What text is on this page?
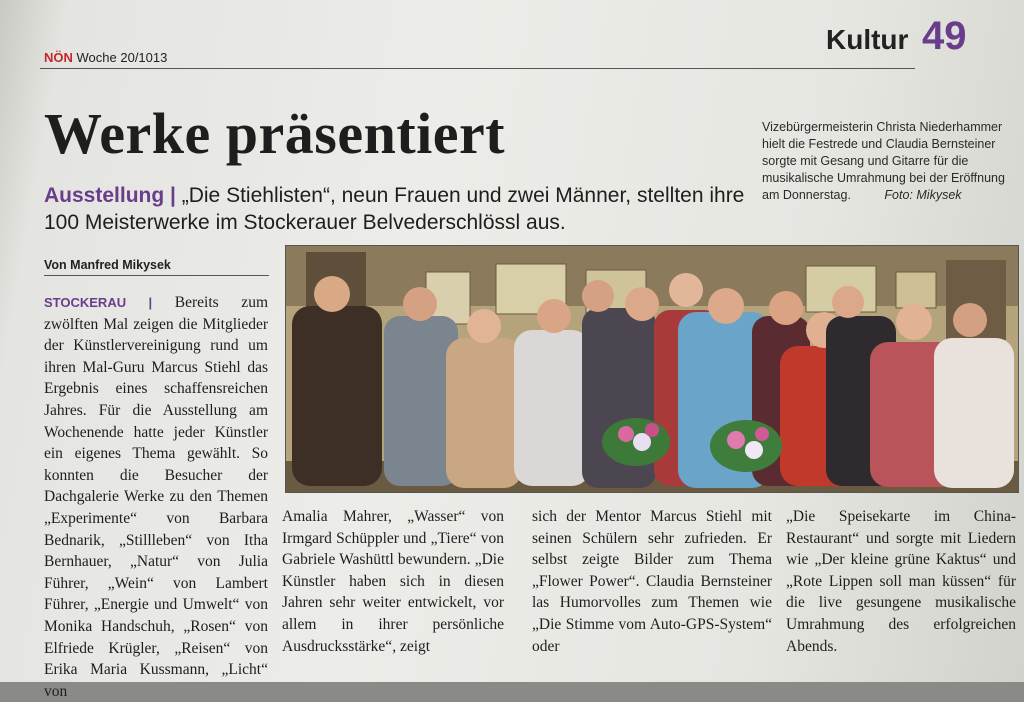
NÖN Woche 20/1013
Kultur 49
Werke präsentiert
Ausstellung | „Die Stiehlisten“, neun Frauen und zwei Männer, stellten ihre 100 Meisterwerke im Stockerauer Belvederschlössl aus.
Vizebürgermeisterin Christa Niederhammer hielt die Festrede und Claudia Bernsteiner sorgte mit Gesang und Gitarre für die musikalische Umrahmung bei der Eröffnung am Donnerstag.	Foto: Mikysek
Von Manfred Mikysek
STOCKERAU | Bereits zum zwölften Mal zeigen die Mitglieder der Künstlervereinigung rund um ihren Mal-Guru Marcus Stiehl das Ergebnis eines schaffensreichen Jahres. Für die Ausstellung am Wochenende hatte jeder Künstler ein eigenes Thema gewählt. So konnten die Besucher der Dachgalerie Werke zu den Themen „Experimente“ von Barbara Bednarik, „Stillleben“ von Itha Bernhauer, „Natur“ von Julia Führer, „Wein“ von Lambert Führer, „Energie und Umwelt“ von Monika Handschuh, „Rosen“ von Elfriede Krügler, „Reisen“ von Erika Maria Kussmann, „Licht“ von
Amalia Mahrer, „Wasser“ von Irmgard Schüppler und „Tiere“ von Gabriele Washüttl bewundern. „Die Künstler haben sich in diesen Jahren sehr weiter entwickelt, vor allem in ihrer persönliche Ausdrucksstärke“, zeigt
sich der Mentor Marcus Stiehl mit seinen Schülern sehr zufrieden. Er selbst zeigte Bilder zum Thema „Flower Power“. Claudia Bernsteiner las Humorvolles zum Themen wie „Die Stimme vom Auto-GPS-System“ oder
„Die Speisekarte im China-Restaurant“ und sorgte mit Liedern wie „Der kleine grüne Kaktus“ und „Rote Lippen soll man küssen“ für die live gesungene musikalische Umrahmung des erfolgreichen Abends.
